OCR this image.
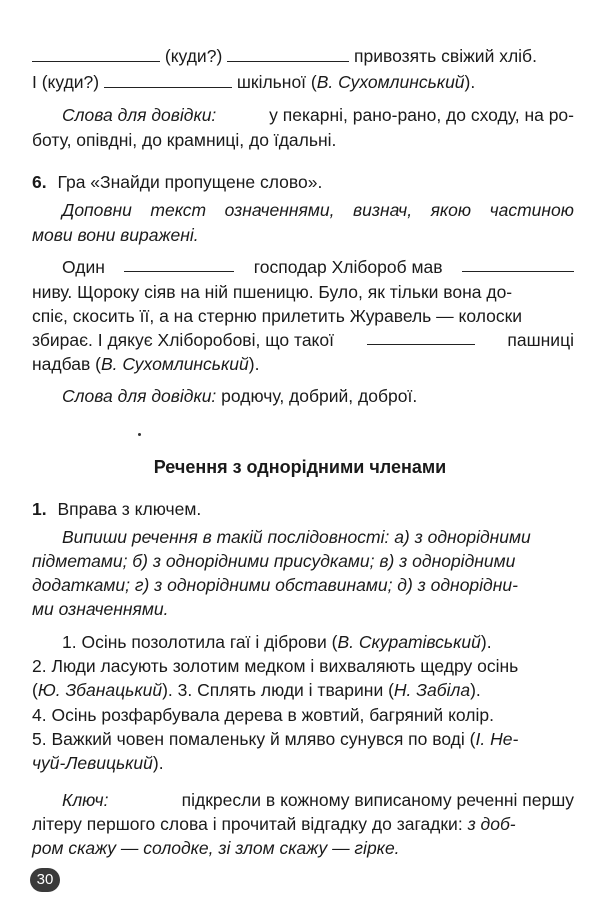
(куди?)	привозять свіжий хліб.
І (куди?)	шкільної (В. Сухомлинський).
Слова для довідки:	у пекарні, рано-рано, до сходу, на ро-
боту, опівдні, до крамниці, до їдальні.
6. Гра «Знайди пропущене слово».
Доповни текст означеннями, визнач, якою частиною
мови вони виражені.
Один	господар Хлібороб мав
ниву. Щороку сіяв на ній пшеницю. Було, як тільки вона до-
спіє, скосить її, а на стерню прилетить Журавель — колоски
збирає. І дякує Хліборобові, що такої	пашниці
надбав (В. Сухомлинський).
Слова для довідки: родючу, добрий, доброї.
Речення з однорідними членами
1. Вправа з ключем.
Випиши речення в такій послідовності: а) з однорідними
підметами; б) з однорідними присудками; в) з однорідними
додатками; г) з однорідними обставинами; д) з однорідни-
ми означеннями.
1. Осінь позолотила гаї і діброви (В. Скуратівський).
2. Люди ласують золотим медком і вихваляють щедру осінь
(Ю. Збанацький). 3. Сплять люди і тварини (Н. Забіла).
4. Осінь розфарбувала дерева в жовтий, багряний колір.
5. Важкий човен помаленьку й мляво сунувся по воді (І. Не-
чуй-Левицький).
Ключ:	підкресли в кожному виписаному реченні першу
літеру першого слова і прочитай відгадку до загадки: з доб-
ром скажу — солодке, зі злом скажу — гірке.
30
